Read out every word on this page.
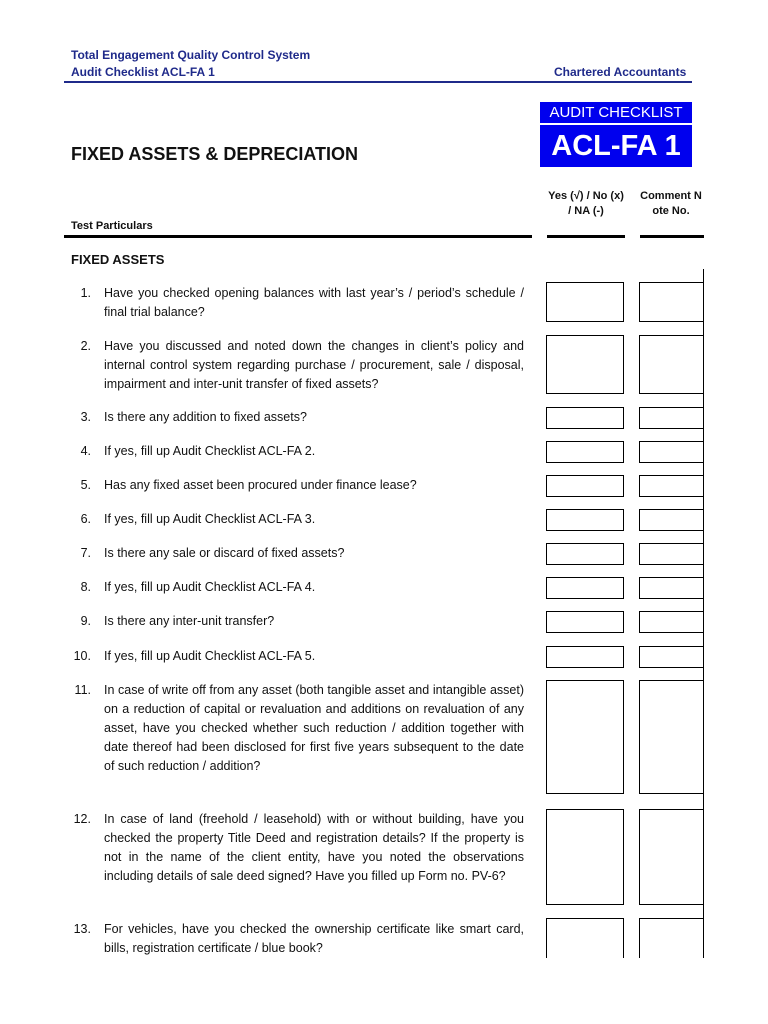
Total Engagement Quality Control System
Audit Checklist ACL-FA 1	Chartered Accountants
AUDIT CHECKLIST
ACL-FA 1
FIXED ASSETS & DEPRECIATION
Yes (√) / No (x) / NA (-)
Comment Note No.
Test Particulars
FIXED ASSETS
1. Have you checked opening balances with last year’s / period’s schedule / final trial balance?
2. Have you discussed and noted down the changes in client’s policy and internal control system regarding purchase / procurement, sale / disposal, impairment and inter-unit transfer of fixed assets?
3. Is there any addition to fixed assets?
4. If yes, fill up Audit Checklist ACL-FA 2.
5. Has any fixed asset been procured under finance lease?
6. If yes, fill up Audit Checklist ACL-FA 3.
7. Is there any sale or discard of fixed assets?
8. If yes, fill up Audit Checklist ACL-FA 4.
9. Is there any inter-unit transfer?
10. If yes, fill up Audit Checklist ACL-FA 5.
11. In case of write off from any asset (both tangible asset and intangible asset) on a reduction of capital or revaluation and additions on revaluation of any asset, have you checked whether such reduction / addition together with date thereof had been disclosed for first five years subsequent to the date of such reduction / addition?
12. In case of land (freehold / leasehold) with or without building, have you checked the property Title Deed and registration details? If the property is not in the name of the client entity, have you noted the observations including details of sale deed signed? Have you filled up Form no. PV-6?
13. For vehicles, have you checked the ownership certificate like smart card, bills, registration certificate / blue book?
